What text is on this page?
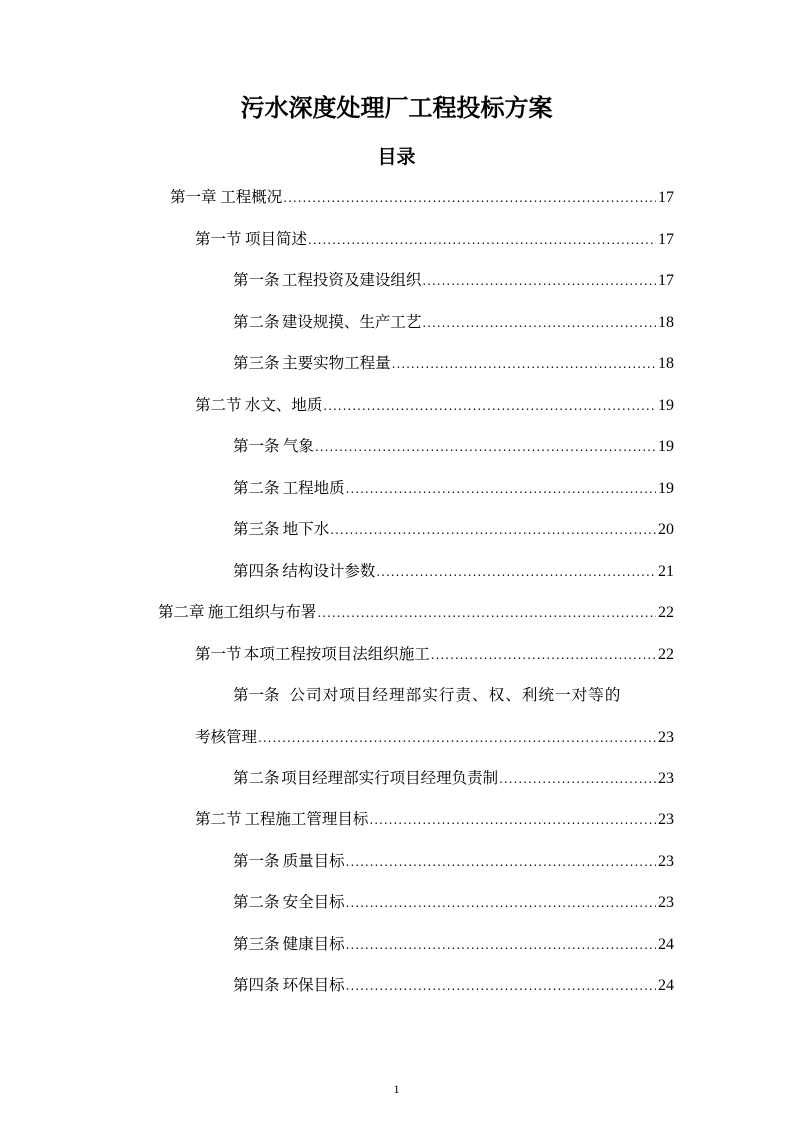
污水深度处理厂工程投标方案
目录
第一章 工程概况 .....	17
第一节 项目简述 .....	17
第一条 工程投资及建设组织 .....	17
第二条 建设规摸、生产工艺 .....	18
第三条 主要实物工程量 .....	18
第二节 水文、地质 .....	19
第一条 气象 .....	19
第二条 工程地质 .....	19
第三条 地下水 .....	20
第四条 结构设计参数 .....	21
第二章 施工组织与布署 .....	22
第一节 本项工程按项目法组织施工 .....	22
第一条 公司对项目经理部实行责、权、利统一对等的
考核管理 .....	23
第二条 项目经理部实行项目经理负责制 .....	23
第二节 工程施工管理目标 .....	23
第一条 质量目标 .....	23
第二条 安全目标 .....	23
第三条 健康目标 .....	24
第四条 环保目标 .....	24
1
